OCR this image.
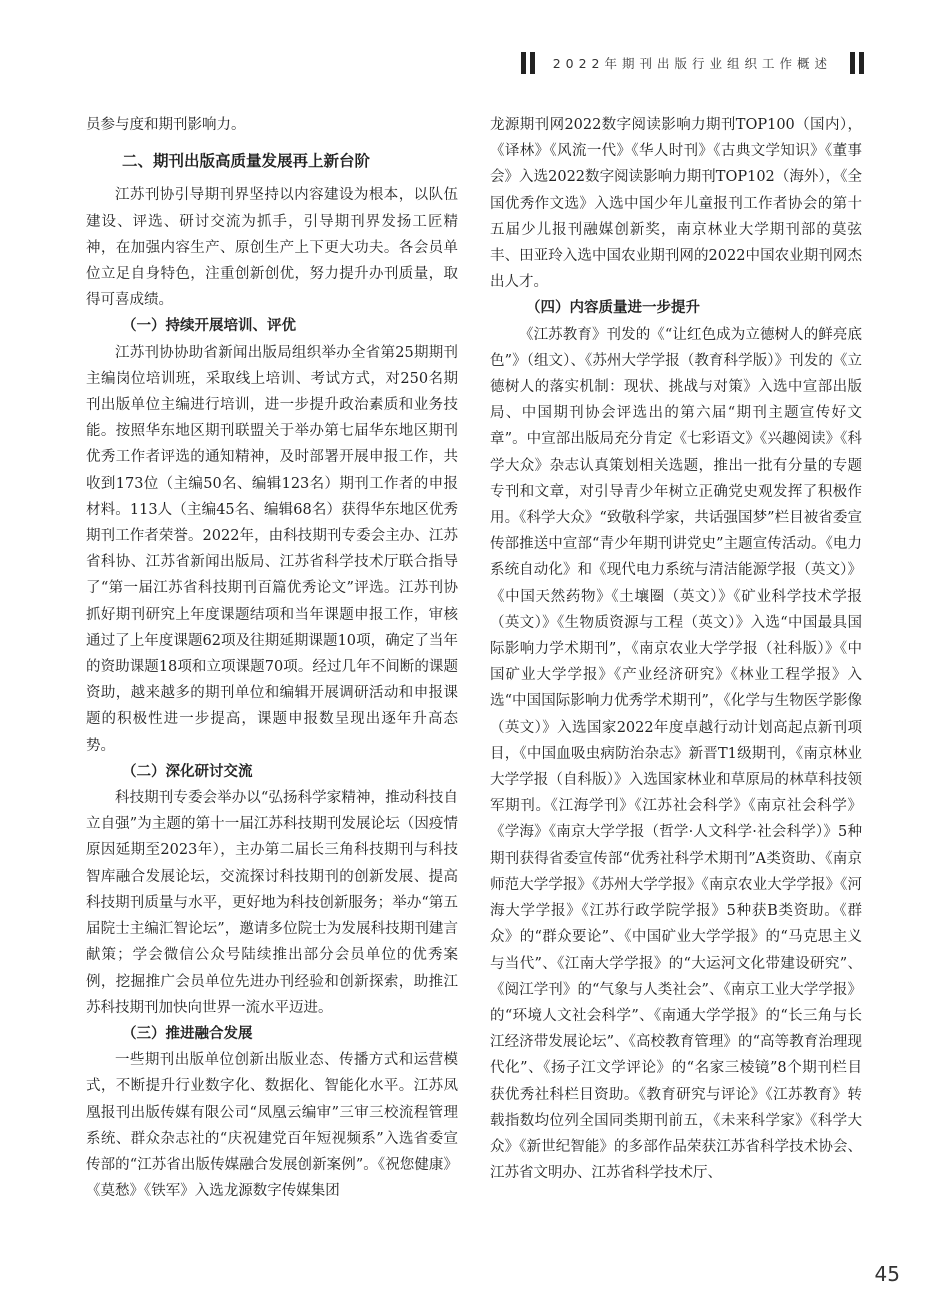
2022年期刊出版行业组织工作概述

员参与度和期刊影响力。

二、期刊出版高质量发展再上新台阶

江苏刊协引导期刊界坚持以内容建设为根本，以队伍建设、评选、研讨交流为抓手，引导期刊界发扬工匠精神，在加强内容生产、原创生产上下更大功夫。各会员单位立足自身特色，注重创新创优，努力提升办刊质量，取得可喜成绩。

（一）持续开展培训、评优

江苏刊协协助省新闻出版局组织举办全省第25期期刊主编岗位培训班，采取线上培训、考试方式，对250名期刊出版单位主编进行培训，进一步提升政治素质和业务技能。按照华东地区期刊联盟关于举办第七届华东地区期刊优秀工作者评选的通知精神，及时部署开展申报工作，共收到173位（主编50名、编辑123名）期刊工作者的申报材料。113人（主编45名、编辑68名）获得华东地区优秀期刊工作者荣誉。2022年，由科技期刊专委会主办、江苏省科协、江苏省新闻出版局、江苏省科学技术厅联合指导了“第一届江苏省科技期刊百篇优秀论文”评选。江苏刊协抓好期刊研究上年度课题结项和当年课题申报工作，审核通过了上年度课题62项及往期延期课题10项，确定了当年的资助课题18项和立项课题70项。经过几年不间断的课题资助，越来越多的期刊单位和编辑开展调研活动和申报课题的积极性进一步提高，课题申报数呈现出逐年升高态势。

（二）深化研讨交流

科技期刊专委会举办以“弘扬科学家精神，推动科技自立自强”为主题的第十一届江苏科技期刊发展论坛（因疫情原因延期至2023年），主办第二届长三角科技期刊与科技智库融合发展论坛，交流探讨科技期刊的创新发展、提高科技期刊质量与水平，更好地为科技创新服务；举办“第五届院士主编汇智论坛”，邀请多位院士为发展科技期刊建言献策；学会微信公众号陆续推出部分会员单位的优秀案例，挖掘推广会员单位先进办刊经验和创新探索，助推江苏科技期刊加快向世界一流水平迈进。

（三）推进融合发展

一些期刊出版单位创新出版业态、传播方式和运营模式，不断提升行业数字化、数据化、智能化水平。江苏凤凰报刊出版传媒有限公司“凤凰云编审”三审三校流程管理系统、群众杂志社的“庆祝建党百年短视频系”入选省委宣传部的“江苏省出版传媒融合发展创新案例”。《祝您健康》《莫愁》《铁军》入选龙源数字传媒集团

龙源期刊网2022数字阅读影响力期刊TOP100（国内），《译林》《风流一代》《华人时刊》《古典文学知识》《董事会》入选2022数字阅读影响力期刊TOP102（海外），《全国优秀作文选》入选中国少年儿童报刊工作者协会的第十五届少儿报刊融媒创新奖，南京林业大学期刊部的莫弦丰、田亚玲入选中国农业期刊网的2022中国农业期刊网杰出人才。

（四）内容质量进一步提升

《江苏教育》刊发的《“让红色成为立德树人的鲜亮底色”》（组文）、《苏州大学学报（教育科学版）》刊发的《立德树人的落实机制：现状、挑战与对策》入选中宣部出版局、中国期刊协会评选出的第六届“期刊主题宣传好文章”。中宣部出版局充分肯定《七彩语文》《兴趣阅读》《科学大众》杂志认真策划相关选题，推出一批有分量的专题专刊和文章，对引导青少年树立正确党史观发挥了积极作用。《科学大众》“致敬科学家，共话强国梦”栏目被省委宣传部推送中宣部“青少年期刊讲党史”主题宣传活动。《电力系统自动化》和《现代电力系统与清洁能源学报（英文）》《中国天然药物》《土壤圈（英文）》《矿业科学技术学报（英文）》《生物质资源与工程（英文）》入选“中国最具国际影响力学术期刊”，《南京农业大学学报（社科版）》《中国矿业大学学报》《产业经济研究》《林业工程学报》入选“中国国际影响力优秀学术期刊”，《化学与生物医学影像（英文）》入选国家2022年度卓越行动计划高起点新刊项目，《中国血吸虫病防治杂志》新晋T1级期刊，《南京林业大学学报（自科版）》入选国家林业和草原局的林草科技领军期刊。《江海学刊》《江苏社会科学》《南京社会科学》《学海》《南京大学学报（哲学·人文科学·社会科学）》5种期刊获得省委宣传部“优秀社科学术期刊”A类资助、《南京师范大学学报》《苏州大学学报》《南京农业大学学报》《河海大学学报》《江苏行政学院学报》5种获B类资助。《群众》的“群众要论”、《中国矿业大学学报》的“马克思主义与当代”、《江南大学学报》的“大运河文化带建设研究”、《阅江学刊》的“气象与人类社会”、《南京工业大学学报》的“环境人文社会科学”、《南通大学学报》的“长三角与长江经济带发展论坛”、《高校教育管理》的“高等教育治理现代化”、《扬子江文学评论》的“名家三棱镜”8个期刊栏目获优秀社科栏目资助。《教育研究与评论》《江苏教育》转载指数均位列全国同类期刊前五，《未来科学家》《科学大众》《新世纪智能》的多部作品荣获江苏省科学技术协会、江苏省文明办、江苏省科学技术厅、

45
